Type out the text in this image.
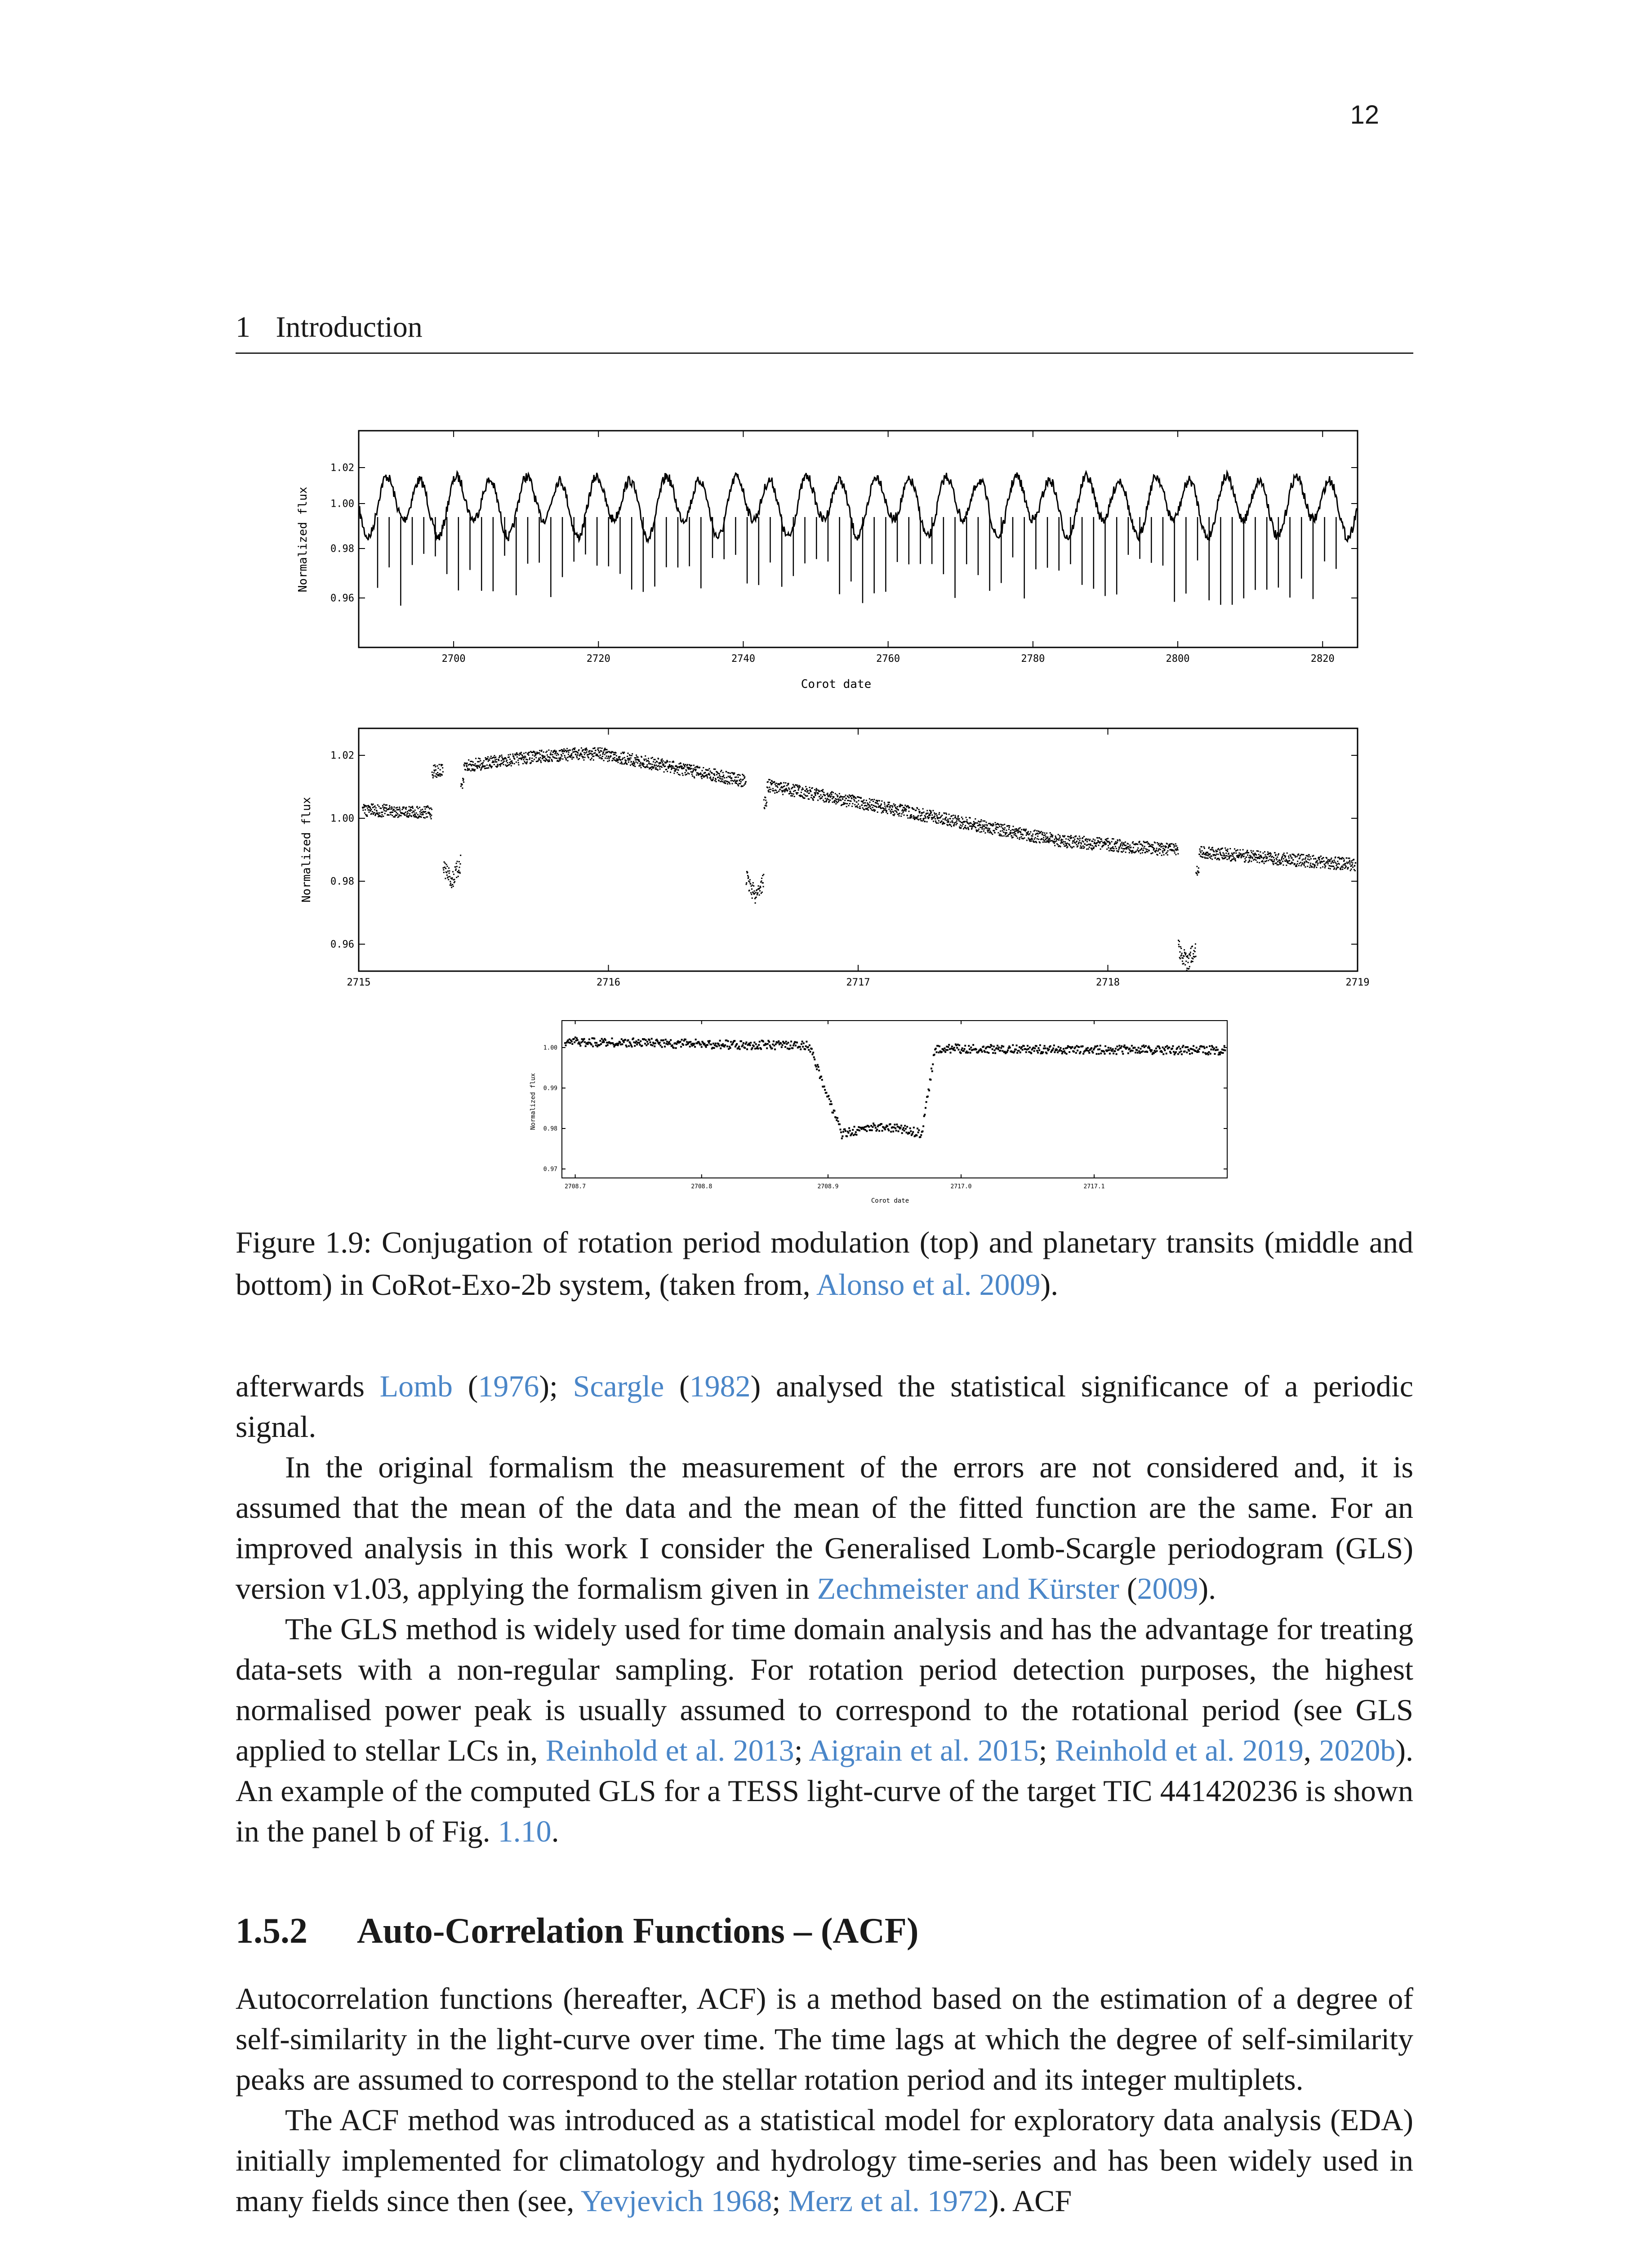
12
1 Introduction
2700	2720	2740	2760	2780	2800	2820
1.02
1.00
0.98
0.96
Normalized flux
Corot date
2715	2716	2717	2718	2719
1.02
1.00
0.98
0.96
Normalized flux
2708.7	2708.8	2708.9	2717.0	2717.1
1.00
0.99
0.98
0.97
Normalized flux
Corot date
Figure 1.9: Conjugation of rotation period modulation (top) and planetary transits (middle and bottom) in CoRot-Exo-2b system, (taken from, Alonso et al. 2009).

afterwards Lomb (1976); Scargle (1982) analysed the statistical significance of a periodic signal.

In the original formalism the measurement of the errors are not considered and, it is assumed that the mean of the data and the mean of the fitted function are the same. For an improved analysis in this work I consider the Generalised Lomb-Scargle periodogram (GLS) version v1.03, applying the formalism given in Zechmeister and Kürster (2009).

The GLS method is widely used for time domain analysis and has the advantage for treating data-sets with a non-regular sampling. For rotation period detection purposes, the highest normalised power peak is usually assumed to correspond to the rotational period (see GLS applied to stellar LCs in, Reinhold et al. 2013; Aigrain et al. 2015; Reinhold et al. 2019, 2020b). An example of the computed GLS for a TESS light-curve of the target TIC 441420236 is shown in the panel b of Fig. 1.10.

1.5.2 Auto-Correlation Functions – (ACF)

Autocorrelation functions (hereafter, ACF) is a method based on the estimation of a degree of self-similarity in the light-curve over time. The time lags at which the degree of self-similarity peaks are assumed to correspond to the stellar rotation period and its integer multiplets.

The ACF method was introduced as a statistical model for exploratory data analysis (EDA) initially implemented for climatology and hydrology time-series and has been widely used in many fields since then (see, Yevjevich 1968; Merz et al. 1972). ACF
